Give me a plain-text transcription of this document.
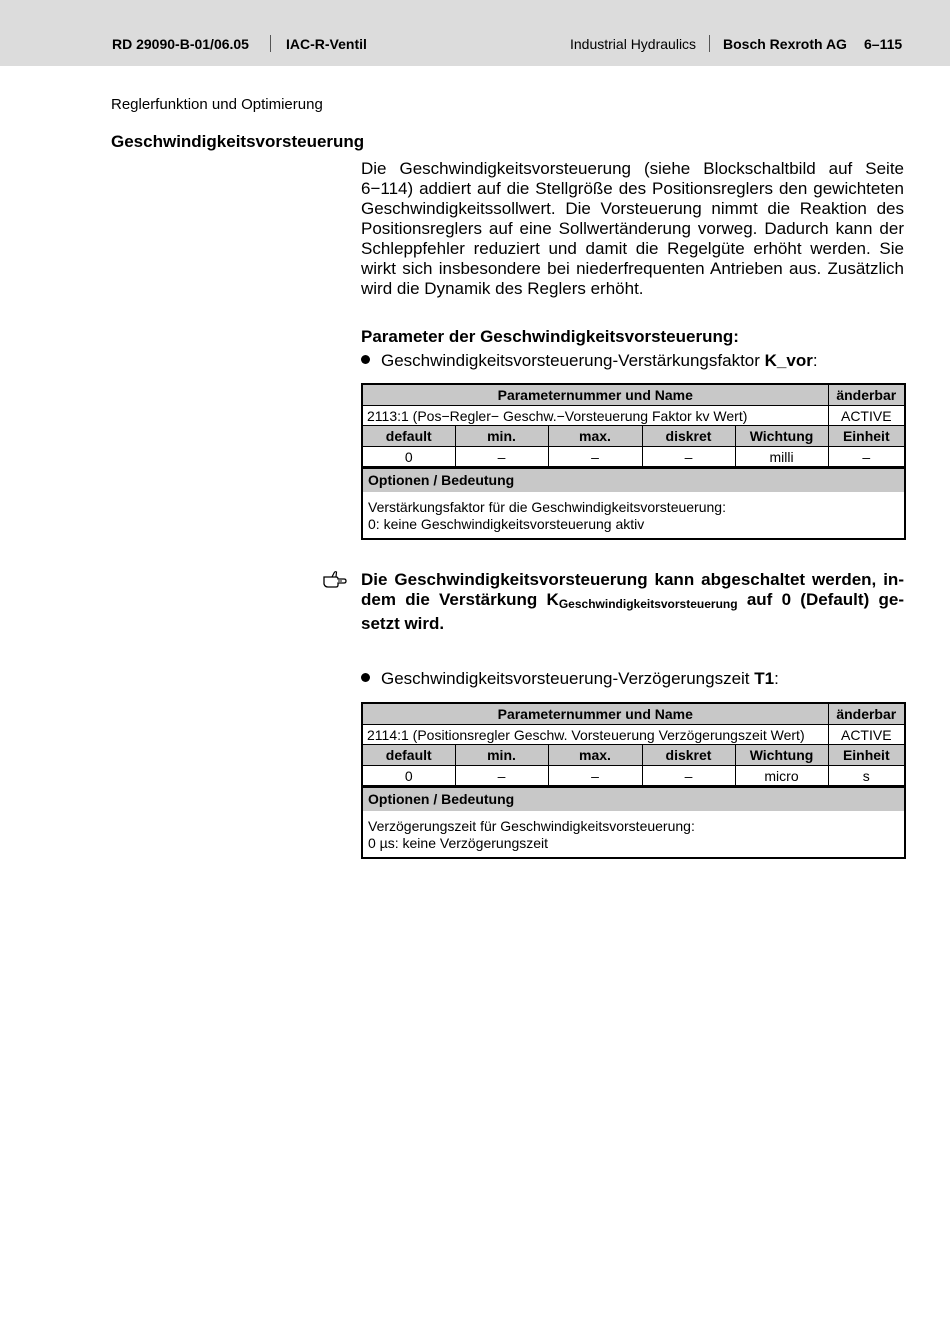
RD 29090-B-01/06.05	IAC-R-Ventil	Industrial Hydraulics Bosch Rexroth AG 6–115
Reglerfunktion und Optimierung
Geschwindigkeitsvorsteuerung
Die Geschwindigkeitsvorsteuerung (siehe Blockschaltbild auf Seite 6−114) addiert auf die Stellgröße des Positionsreglers den gewichteten Geschwindigkeitssollwert. Die Vorsteuerung nimmt die Reaktion des Positionsreglers auf eine Sollwertänderung vorweg. Dadurch kann der Schleppfehler reduziert und damit die Regelgüte erhöht werden. Sie wirkt sich insbesondere bei niederfrequenten Antrieben aus. Zusätzlich wird die Dynamik des Reglers erhöht.
Parameter der Geschwindigkeitsvorsteuerung:
Geschwindigkeitsvorsteuerung-Verstärkungsfaktor K_vor:
Parameternummer und Name					änderbar
2113:1 (Pos−Regler− Geschw.−Vorsteuerung Faktor kv Wert)					ACTIVE
default	min.	max.	diskret	Wichtung	Einheit
0	–	–	–	milli	–
Optionen / Bedeutung
Verstärkungsfaktor für die Geschwindigkeitsvorsteuerung:
0: keine Geschwindigkeitsvorsteuerung aktiv
Die Geschwindigkeitsvorsteuerung kann abgeschaltet werden, indem die Verstärkung $K_{Geschwindigkeitsvorsteuerung}$ auf 0 (Default) gesetzt wird.
Geschwindigkeitsvorsteuerung-Verzögerungszeit T1:
Parameternummer und Name					änderbar
2114:1 (Positionsregler Geschw. Vorsteuerung Verzögerungszeit Wert)					ACTIVE
default	min.	max.	diskret	Wichtung	Einheit
0	–	–	–	micro	s
Optionen / Bedeutung
Verzögerungszeit für Geschwindigkeitsvorsteuerung:
0 µs: keine Verzögerungszeit
